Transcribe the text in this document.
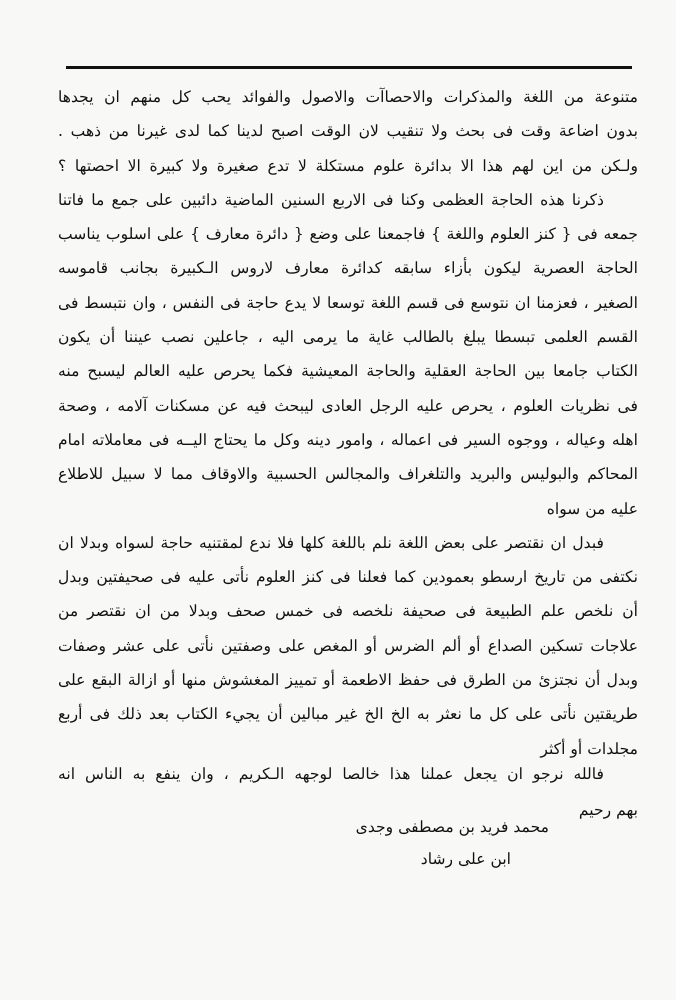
متنوعة من اللغة والمذكرات والاحصاآت والاصول والفوائد يحب كل منهم ان يجدها
بدون اضاعة وقت فى بحث ولا تنقيب لان الوقت اصبح لدينا كما لدى غيرنا من ذهب .
ولـكن من اين لهم هذا الا بدائرة علوم مستكلة لا تدع صغيرة ولا كبيرة الا احصتها ؟
ذكرنا هذه الحاجة العظمى وكنا فى الاربع السنين الماضية دائبين على جمع ما فاتنا
جمعه فى { كنز العلوم واللغة } فاجمعنا على وضع { دائرة معارف } على اسلوب يناسب
الحاجة العصرية ليكون بأزاء سابقه كدائرة معارف لاروس الـكبيرة بجانب قاموسه
الصغير ، فعزمنا ان نتوسع فى قسم اللغة توسعا لا يدع حاجة فى النفس ، وان نتبسط فى
القسم العلمى تبسطا يبلغ بالطالب غاية ما يرمى اليه ، جاعلين نصب عيننا أن يكون
الكتاب جامعا بين الحاجة العقلية والحاجة المعيشية فكما يحرص عليه العالم ليسبح منه
فى نظريات العلوم ، يحرص عليه الرجل العادى ليبحث فيه عن مسكنات آلامه ، وصحة
اهله وعياله ، ووجوه السير فى اعماله ، وامور دينه وكل ما يحتاج اليــه فى معاملاته امام
المحاكم والبوليس والبريد والتلغراف والمجالس الحسبية والاوقاف مما لا سبيل للاطلاع
عليه من سواه
فبدل ان نقتصر على بعض اللغة نلم باللغة كلها فلا ندع لمقتنيه حاجة لسواه وبدلا ان
نكتفى من تاريخ ارسطو بعمودين كما فعلنا فى كنز العلوم نأتى عليه فى صحيفتين وبدل
أن نلخص علم الطبيعة فى صحيفة نلخصه فى خمس صحف وبدلا من ان نقتصر من
علاجات تسكين الصداع أو ألم الضرس أو المغص على وصفتين نأتى على عشر وصفات
وبدل أن نجتزئ من الطرق فى حفظ الاطعمة أو تمييز المغشوش منها أو ازالة البقع على
طريقتين نأتى على كل ما نعثر به الخ الخ غير مبالين أن يجيء الكتاب بعد ذلك فى أربع
مجلدات أو أكثر
فالله نرجو ان يجعل عملنا هذا خالصا لوجهه الـكريم ، وان ينفع به الناس انه
بهم رحيم
محمد فريد بن مصطفى وجدى
ابن على رشاد
